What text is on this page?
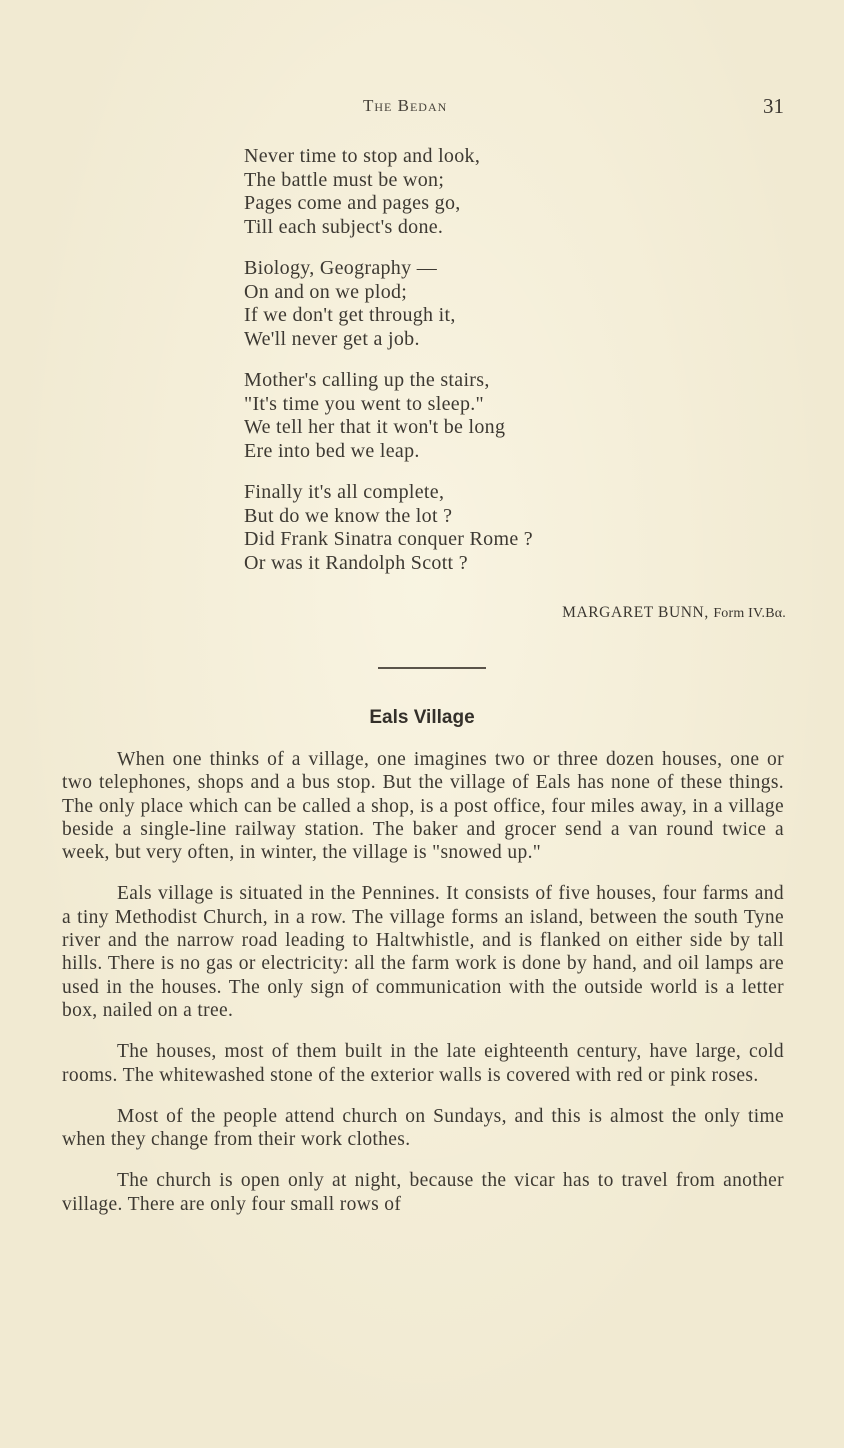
The Bedan	31
Never time to stop and look,
The battle must be won;
Pages come and pages go,
Till each subject's done.
Biology, Geography —
On and on we plod;
If we don't get through it,
We'll never get a job.
Mother's calling up the stairs,
"It's time you went to sleep."
We tell her that it won't be long
Ere into bed we leap.
Finally it's all complete,
But do we know the lot ?
Did Frank Sinatra conquer Rome ?
Or was it Randolph Scott ?
MARGARET BUNN, Form IV.Bα.
Eals Village

When one thinks of a village, one imagines two or three dozen houses, one or two telephones, shops and a bus stop. But the village of Eals has none of these things. The only place which can be called a shop, is a post office, four miles away, in a village beside a single-line railway station. The baker and grocer send a van round twice a week, but very often, in winter, the village is "snowed up."

Eals village is situated in the Pennines. It consists of five houses, four farms and a tiny Methodist Church, in a row. The village forms an island, between the south Tyne river and the narrow road leading to Haltwhistle, and is flanked on either side by tall hills. There is no gas or electricity: all the farm work is done by hand, and oil lamps are used in the houses. The only sign of communication with the outside world is a letter box, nailed on a tree.

The houses, most of them built in the late eighteenth century, have large, cold rooms. The whitewashed stone of the exterior walls is covered with red or pink roses.

Most of the people attend church on Sundays, and this is almost the only time when they change from their work clothes.

The church is open only at night, because the vicar has to travel from another village. There are only four small rows of
